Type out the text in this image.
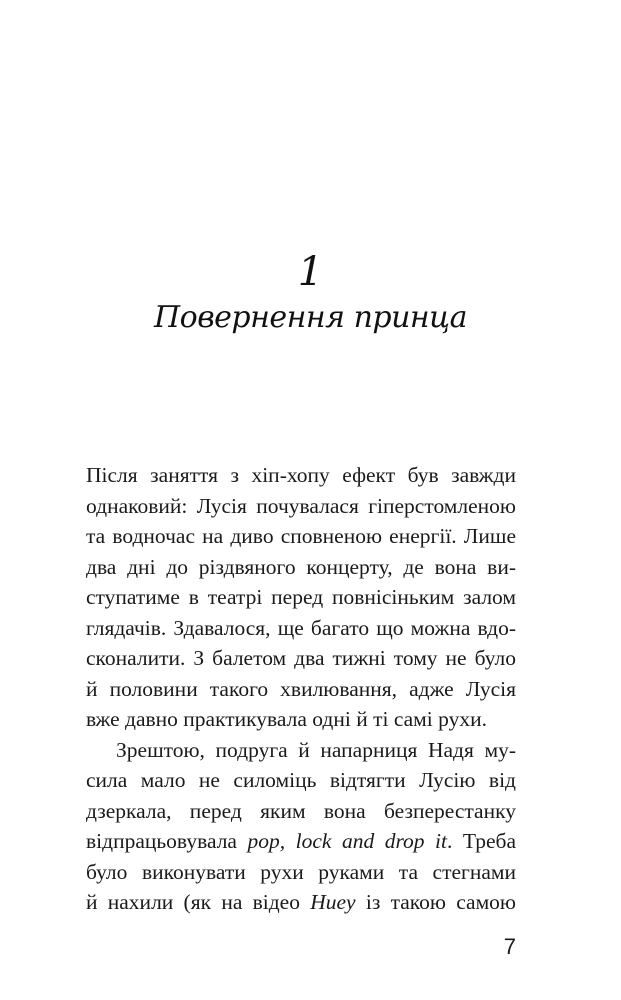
1
Повернення принца

Після заняття з хіп-хопу ефект був завжди
однаковий: Лусія почувалася гіперстомленою
та водночас на диво сповненою енергії. Лише
два дні до різдвяного концерту, де вона ви-
ступатиме в театрі перед повнісіньким залом
глядачів. Здавалося, ще багато що можна вдо-
сконалити. З балетом два тижні тому не було
й половини такого хвилювання, адже Лусія
вже давно практикувала одні й ті самі рухи.

Зрештою, подруга й напарниця Надя му-
сила мало не силоміць відтягти Лусію від
дзеркала, перед яким вона безперестанку
відпрацьовувала pop, lock and drop it. Треба
було виконувати рухи руками та стегнами
й нахили (як на відео Huey із такою самою

7
